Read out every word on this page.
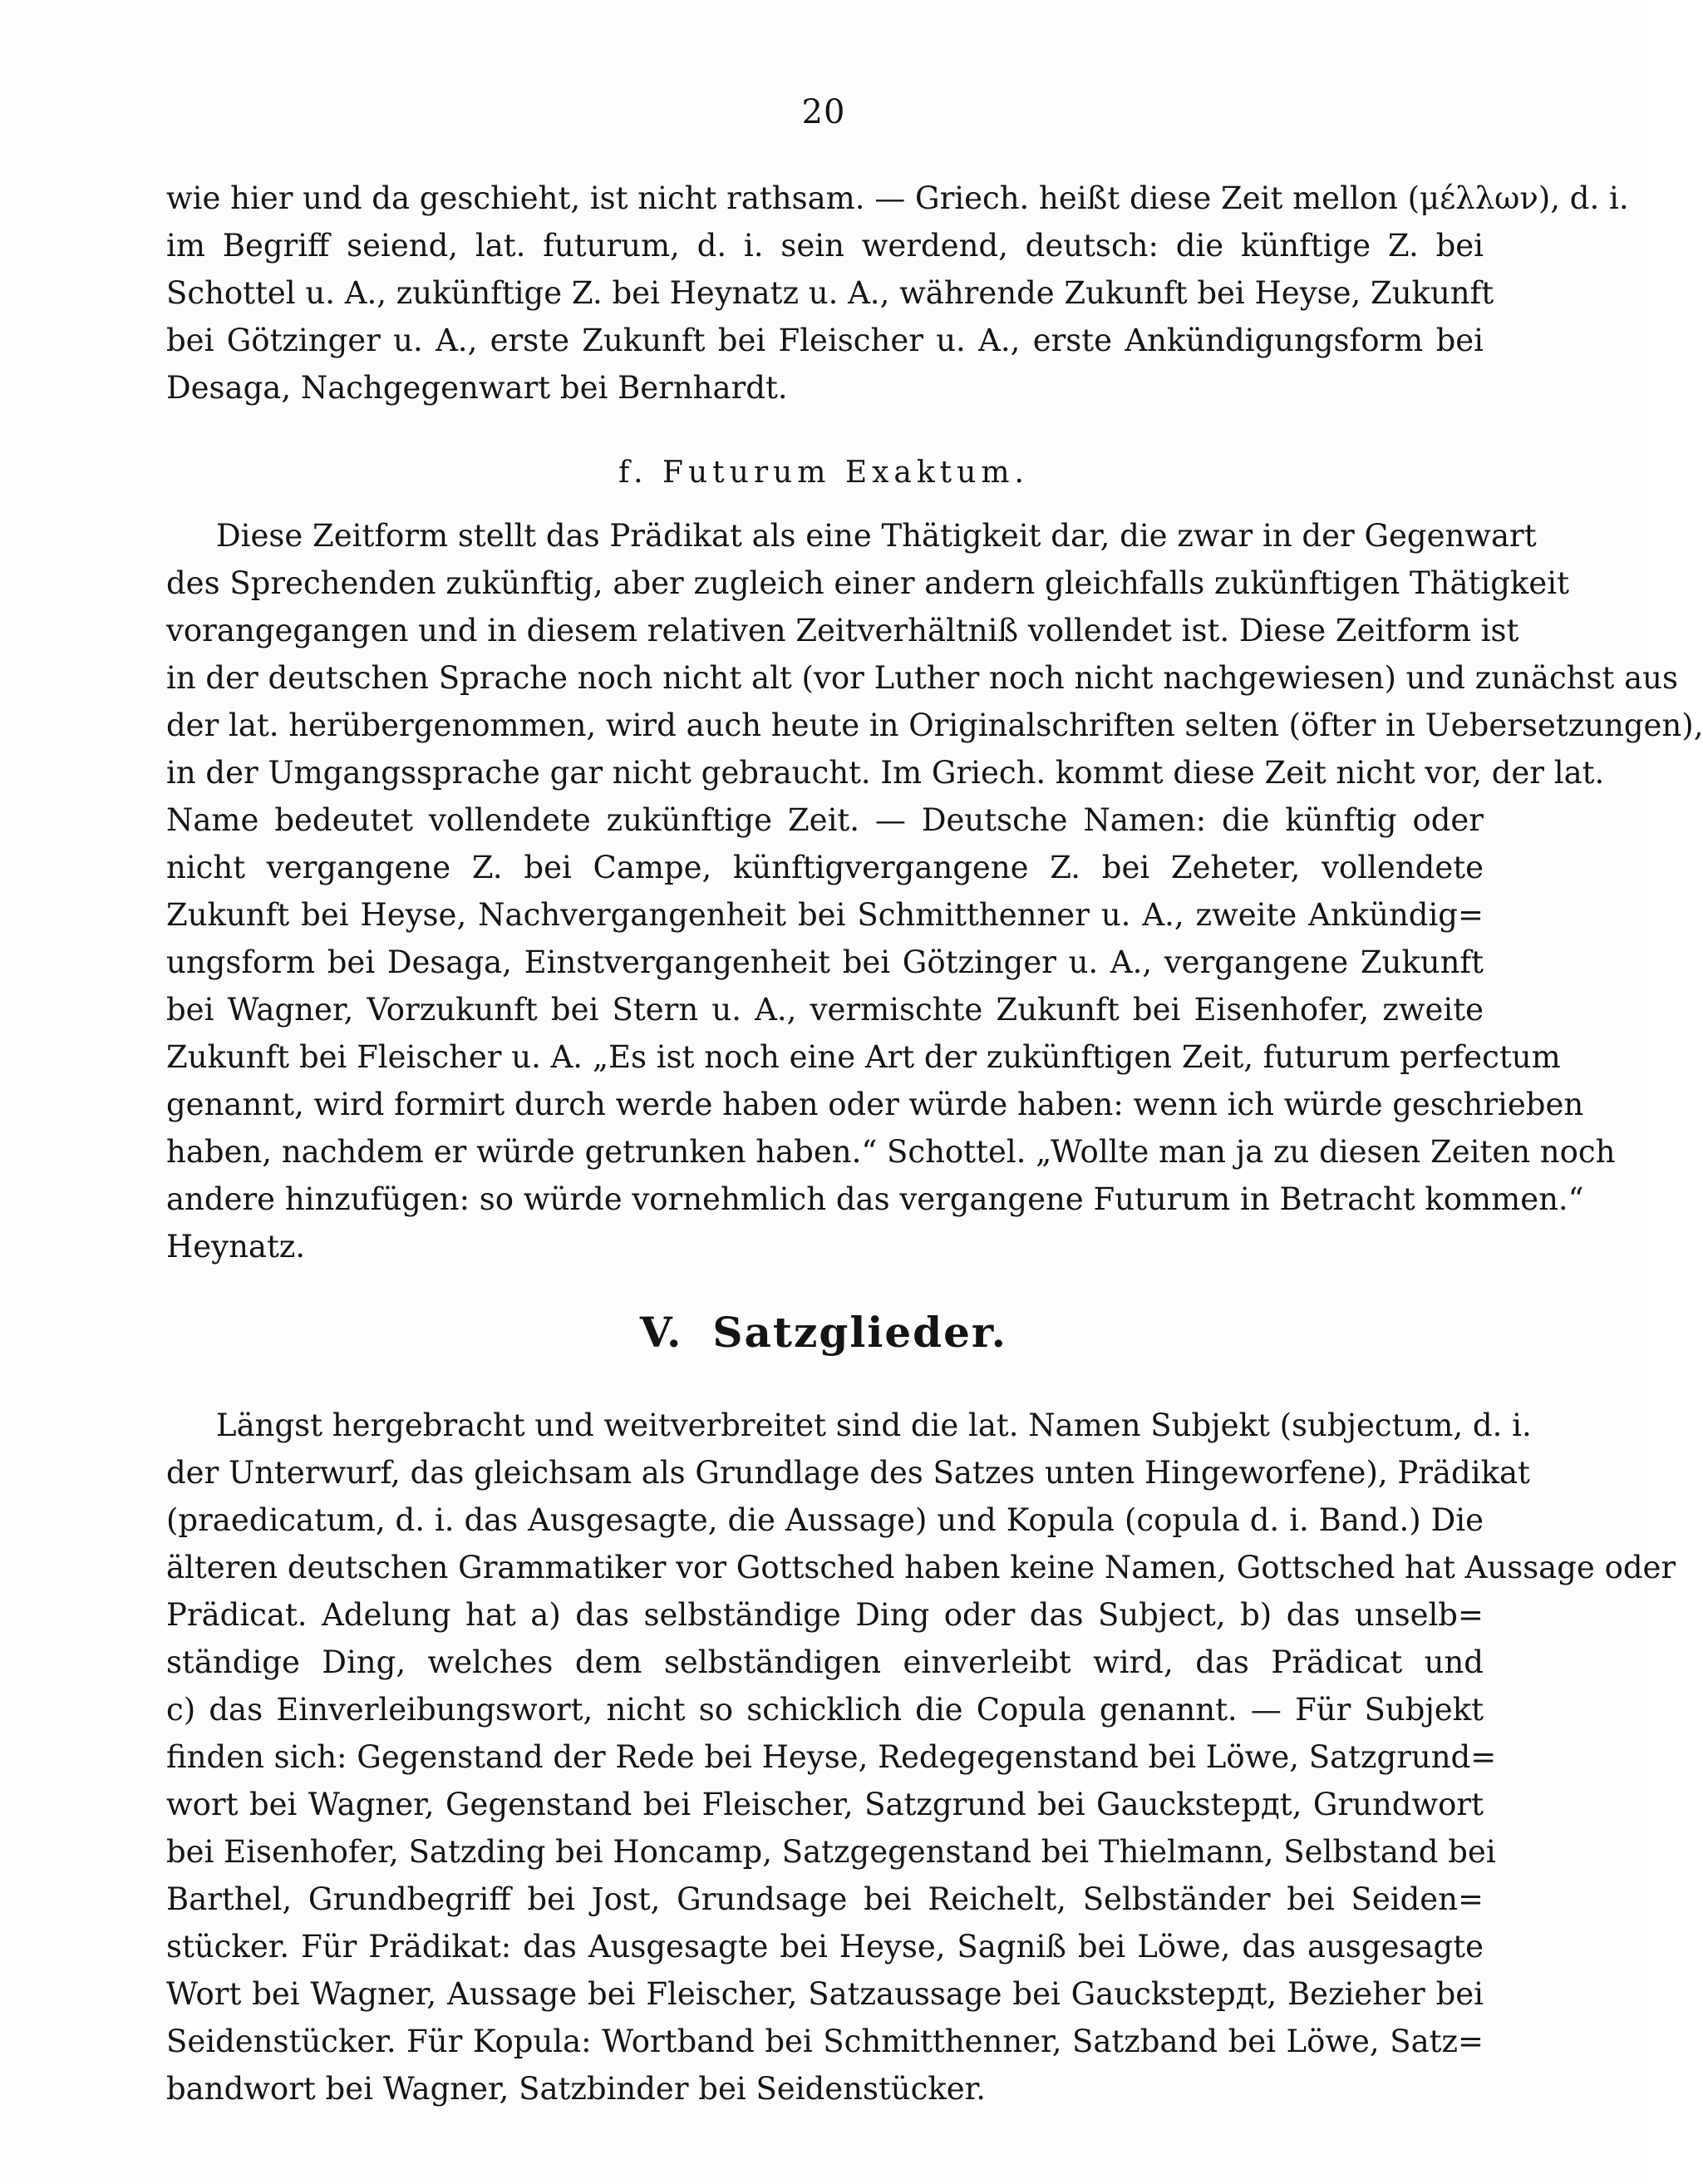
20
wie hier und da geschieht, ist nicht rathsam. — Griech. heißt diese Zeit mellon (μέλλων), d. i.
im Begriff seiend, lat. futurum, d. i. sein werdend, deutsch: die künftige Z. bei
Schottel u. A., zukünftige Z. bei Heynatz u. A., währende Zukunft bei Heyse, Zukunft
bei Götzinger u. A., erste Zukunft bei Fleischer u. A., erste Ankündigungsform bei
Desaga, Nachgegenwart bei Bernhardt.
f. Futurum Exaktum.
Diese Zeitform stellt das Prädikat als eine Thätigkeit dar, die zwar in der Gegenwart
des Sprechenden zukünftig, aber zugleich einer andern gleichfalls zukünftigen Thätigkeit
vorangegangen und in diesem relativen Zeitverhältniß vollendet ist. Diese Zeitform ist
in der deutschen Sprache noch nicht alt (vor Luther noch nicht nachgewiesen) und zunächst aus
der lat. herübergenommen, wird auch heute in Originalschriften selten (öfter in Uebersetzungen),
in der Umgangssprache gar nicht gebraucht. Im Griech. kommt diese Zeit nicht vor, der lat.
Name bedeutet vollendete zukünftige Zeit. — Deutsche Namen: die künftig oder
nicht vergangene Z. bei Campe, künftigvergangene Z. bei Zeheter, vollendete
Zukunft bei Heyse, Nachvergangenheit bei Schmitthenner u. A., zweite Ankündig=
ungsform bei Desaga, Einstvergangenheit bei Götzinger u. A., vergangene Zukunft
bei Wagner, Vorzukunft bei Stern u. A., vermischte Zukunft bei Eisenhofer, zweite
Zukunft bei Fleischer u. A. „Es ist noch eine Art der zukünftigen Zeit, futurum perfectum
genannt, wird formirt durch werde haben oder würde haben: wenn ich würde geschrieben
haben, nachdem er würde getrunken haben.“ Schottel. „Wollte man ja zu diesen Zeiten noch
andere hinzufügen: so würde vornehmlich das vergangene Futurum in Betracht kommen.“
Heynatz.
V. Satzglieder.
Längst hergebracht und weitverbreitet sind die lat. Namen Subjekt (subjectum, d. i.
der Unterwurf, das gleichsam als Grundlage des Satzes unten Hingeworfene), Prädikat
(praedicatum, d. i. das Ausgesagte, die Aussage) und Kopula (copula d. i. Band.) Die
älteren deutschen Grammatiker vor Gottsched haben keine Namen, Gottsched hat Aussage oder
Prädicat. Adelung hat a) das selbständige Ding oder das Subject, b) das unselb=
ständige Ding, welches dem selbständigen einverleibt wird, das Prädicat und
c) das Einverleibungswort, nicht so schicklich die Copula genannt. — Für Subjekt
finden sich: Gegenstand der Rede bei Heyse, Redegegenstand bei Löwe, Satzgrund=
wort bei Wagner, Gegenstand bei Fleischer, Satzgrund bei Gauckstердt, Grundwort
bei Eisenhofer, Satzding bei Honcamp, Satzgegenstand bei Thielmann, Selbstand bei
Barthel, Grundbegriff bei Jost, Grundsage bei Reichelt, Selbständer bei Seiden=
stücker. Für Prädikat: das Ausgesagte bei Heyse, Sagniß bei Löwe, das ausgesagte
Wort bei Wagner, Aussage bei Fleischer, Satzaussage bei Gauckstердt, Bezieher bei
Seidenstücker. Für Kopula: Wortband bei Schmitthenner, Satzband bei Löwe, Satz=
bandwort bei Wagner, Satzbinder bei Seidenstücker.
